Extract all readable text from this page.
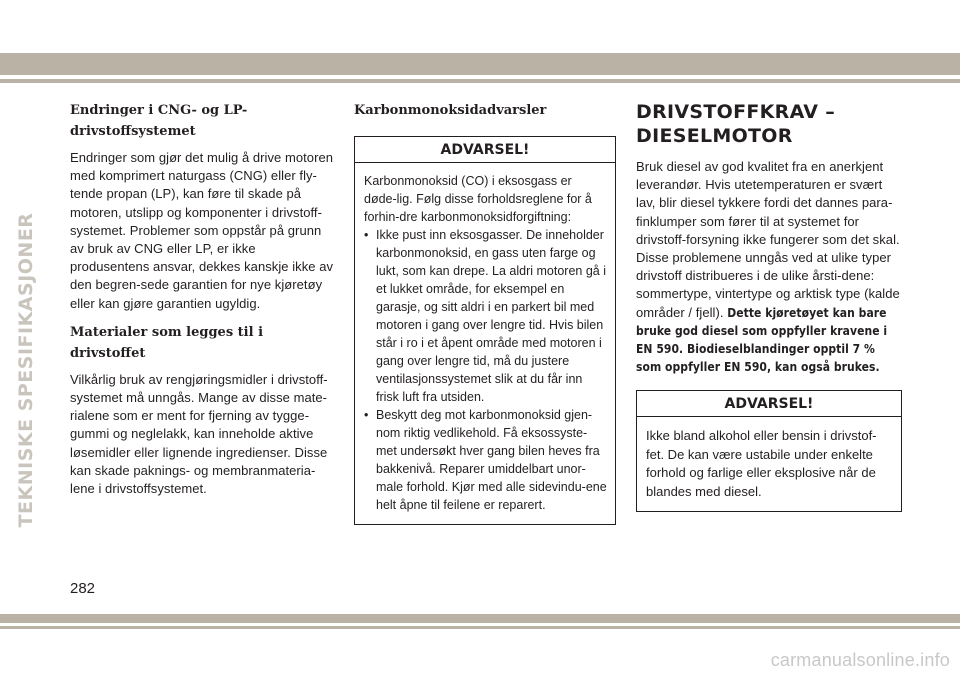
TEKNISKE SPESIFIKASJONER
Endringer i CNG- og LP-drivstoffsystemet

Endringer som gjør det mulig å drive motoren med komprimert naturgass (CNG) eller fly-tende propan (LP), kan føre til skade på motoren, utslipp og komponenter i drivstoff-systemet. Problemer som oppstår på grunn av bruk av CNG eller LP, er ikke produsentens ansvar, dekkes kanskje ikke av den begren-sede garantien for nye kjøretøy eller kan gjøre garantien ugyldig.

Materialer som legges til i drivstoffet

Vilkårlig bruk av rengjøringsmidler i drivstoff-systemet må unngås. Mange av disse mate-rialene som er ment for fjerning av tygge-gummi og neglelakk, kan inneholde aktive løsemidler eller lignende ingredienser. Disse kan skade paknings- og membranmateria-lene i drivstoffsystemet.

Karbonmonoksidadvarsler
ADVARSEL!
Karbonmonoksid (CO) i eksosgass er døde-lig. Følg disse forholdsreglene for å forhin-dre karbonmonoksidforgiftning:
• Ikke pust inn eksosgasser. De inneholder karbonmonoksid, en gass uten farge og lukt, som kan drepe. La aldri motoren gå i et lukket område, for eksempel en garasje, og sitt aldri i en parkert bil med motoren i gang over lengre tid. Hvis bilen står i ro i et åpent område med motoren i gang over lengre tid, må du justere ventilasjonssystemet slik at du får inn frisk luft fra utsiden.
• Beskytt deg mot karbonmonoksid gjen-nom riktig vedlikehold. Få eksossyste-met undersøkt hver gang bilen heves fra bakkenivå. Reparer umiddelbart unor-male forhold. Kjør med alle sidevindu-ene helt åpne til feilene er reparert.
DRIVSTOFFKRAV – DIESELMOTOR

Bruk diesel av god kvalitet fra en anerkjent leverandør. Hvis utetemperaturen er svært lav, blir diesel tykkere fordi det dannes para-finklumper som fører til at systemet for drivstoff-forsyning ikke fungerer som det skal. Disse problemene unngås ved at ulike typer drivstoff distribueres i de ulike årsti-dene: sommertype, vintertype og arktisk type (kalde områder / fjell). Dette kjøretøyet kan bare bruke god diesel som oppfyller kravene i EN 590. Biodieselblandinger opptil 7 % som oppfyller EN 590, kan også brukes.

ADVARSEL!
Ikke bland alkohol eller bensin i drivstof-fet. De kan være ustabile under enkelte forhold og farlige eller eksplosive når de blandes med diesel.
282
carmanualsonline.info
